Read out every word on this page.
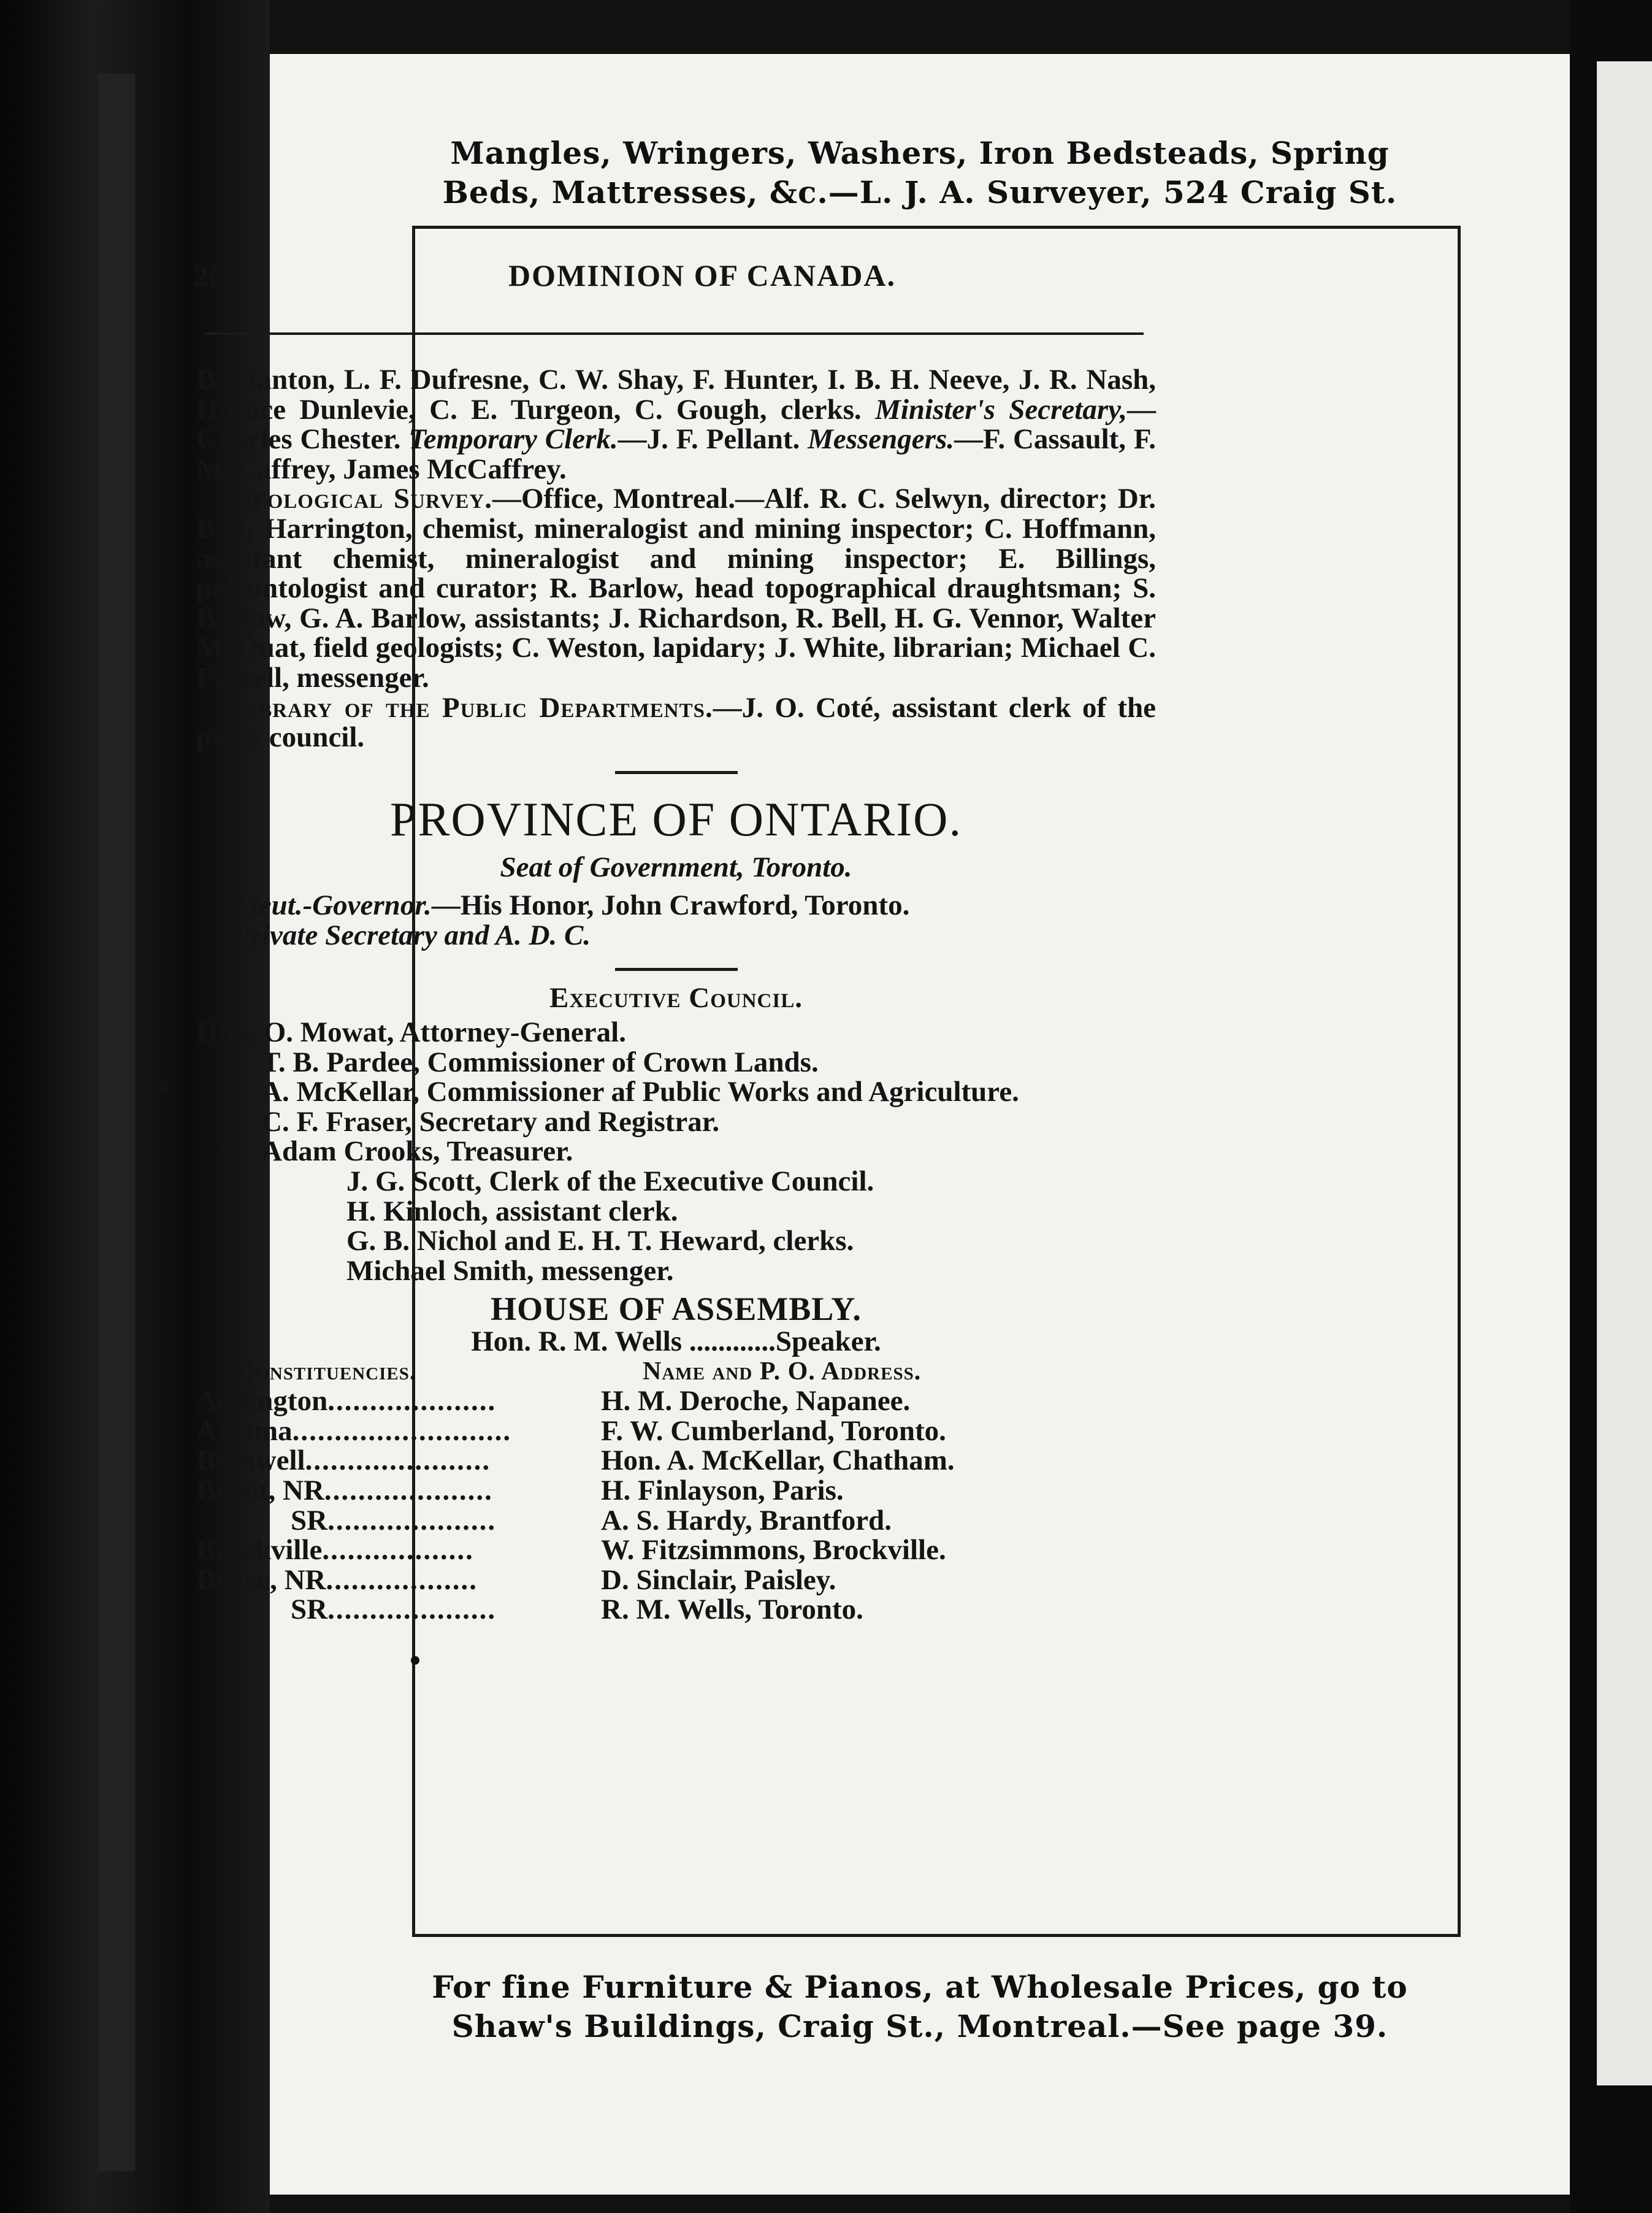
Mangles, Wringers, Washers, Iron Bedsteads, Spring
Beds, Mattresses, &c.—L. J. A. Surveyer, 524 Craig St.
For fine Furniture & Pianos, at Wholesale Prices, go to
Shaw's Buildings, Craig St., Montreal.—See page 39.
DOMINION OF CANADA.
262

B. Stanton, L. F. Dufresne, C. W. Shay, F. Hunter, I. B. H. Neeve, J. R. Nash, Horace Dunlevie, C. E. Turgeon, C. Gough, clerks. Minister's Secretary,—Charles Chester. Temporary Clerk.—J. F. Pellant. Messengers.—F. Cassault, F. McCaffrey, James McCaffrey.

Geological Survey.—Office, Montreal.—Alf. R. C. Selwyn, director; Dr. B. J. Harrington, chemist, mineralogist and mining inspector; C. Hoffmann, assistant chemist, mineralogist and mining inspector; E. Billings, paleontologist and curator; R. Barlow, head topographical draughtsman; S. Barlow, G. A. Barlow, assistants; J. Richardson, R. Bell, H. G. Vennor, Walter McOuat, field geologists; C. Weston, lapidary; J. White, librarian; Michael C. Farrell, messenger.

Library of the Public Departments.—J. O. Coté, assistant clerk of the privy council.

PROVINCE OF ONTARIO.
Seat of Government, Toronto.

Lieut.-Governor.—His Honor, John Crawford, Toronto.

Private Secretary and A. D. C.

Executive Council.

Hon. O. Mowat, Attorney-General.

“ T. B. Pardee, Commissioner of Crown Lands.

“	A. McKellar, Commissioner af Public Works and Agriculture.

“ C. F. Fraser, Secretary and Registrar.

“ Adam Crooks, Treasurer.

J. G. Scott, Clerk of the Executive Council.

H. Kinloch, assistant clerk.

G. B. Nichol and E. H. T. Heward, clerks.

Michael Smith, messenger.

HOUSE OF ASSEMBLY.

Hon. R. M. Wells ............Speaker.

Constituencies.	Name and P. O. Address.
Addington....................	H. M. Deroche, Napanee.
Algoma..........................	F. W. Cumberland, Toronto.
Bothwell......................	Hon. A. McKellar, Chatham.
Brant, NR....................	H. Finlayson, Paris.
“      SR....................	A. S. Hardy, Brantford.
Brockville..................	W. Fitzsimmons, Brockville.
Bruce, NR..................	D. Sinclair, Paisley.
“      SR....................	R. M. Wells, Toronto.
